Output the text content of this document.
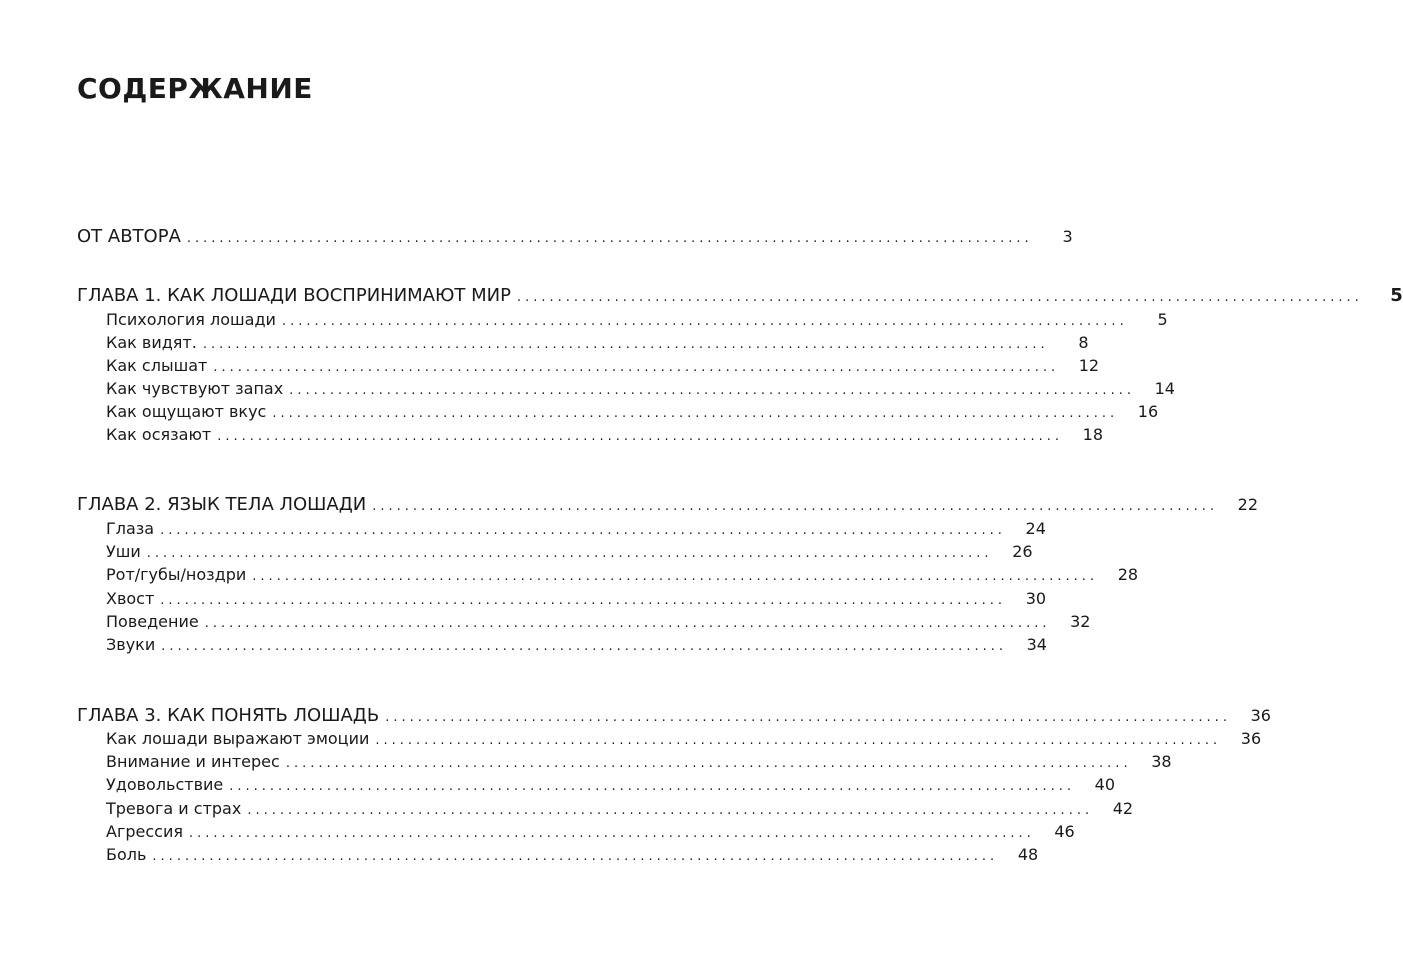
СОДЕРЖАНИЕ
ОТ АВТОРА ........................................................................................................	3
ГЛАВА 1. КАК ЛОШАДИ ВОСПРИНИМАЮТ МИР ........................................................................................................	5
Психология лошади ........................................................................................................	5
Как видят. ........................................................................................................	8
Как слышат ........................................................................................................	12
Как чувствуют запах ........................................................................................................	14
Как ощущают вкус ........................................................................................................	16
Как осязают ........................................................................................................	18
ГЛАВА 2. ЯЗЫК ТЕЛА ЛОШАДИ ........................................................................................................	22
Глаза ........................................................................................................	24
Уши ........................................................................................................	26
Рот/губы/ноздри ........................................................................................................	28
Хвост ........................................................................................................	30
Поведение ........................................................................................................	32
Звуки ........................................................................................................	34
ГЛАВА 3. КАК ПОНЯТЬ ЛОШАДЬ ........................................................................................................	36
Как лошади выражают эмоции ........................................................................................................	36
Внимание и интерес ........................................................................................................	38
Удовольствие ........................................................................................................	40
Тревога и страх ........................................................................................................	42
Агрессия ........................................................................................................	46
Боль ........................................................................................................	48
